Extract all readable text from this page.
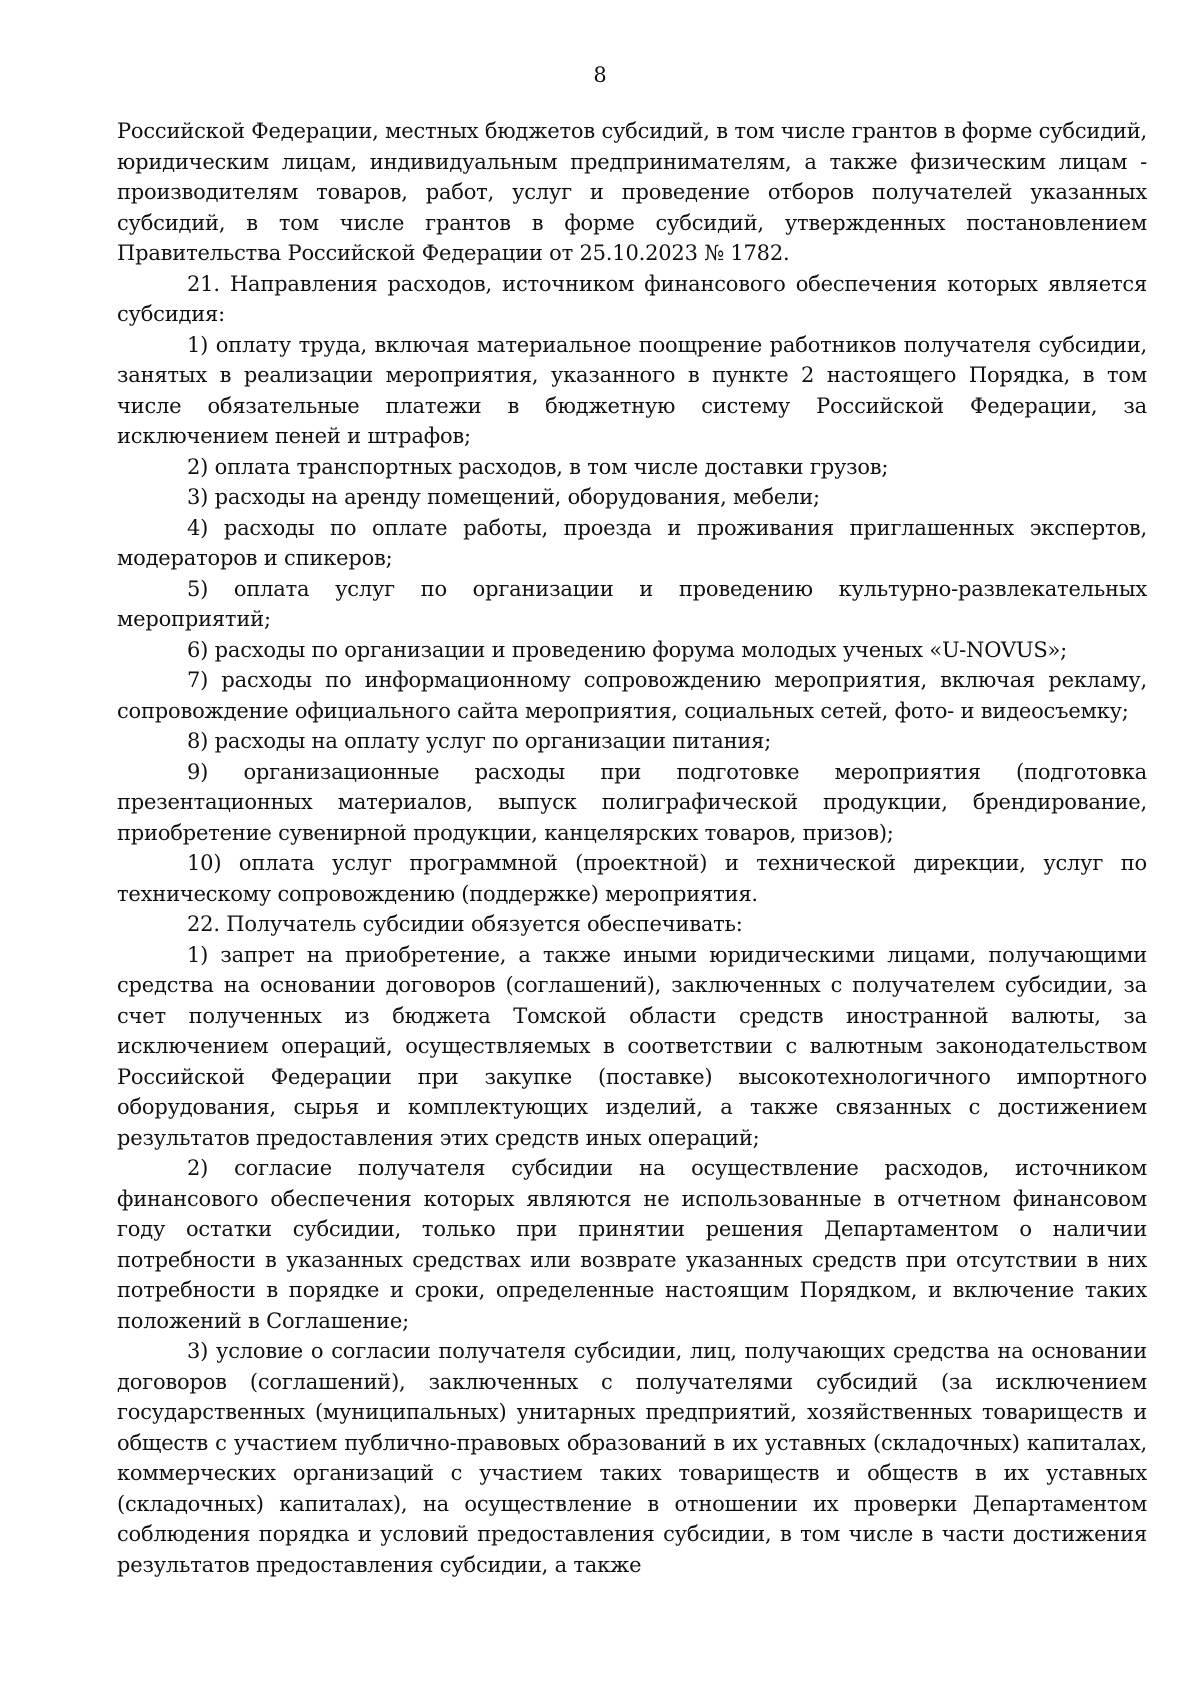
8

Российской Федерации, местных бюджетов субсидий, в том числе грантов в форме субсидий, юридическим лицам, индивидуальным предпринимателям, а также физическим лицам - производителям товаров, работ, услуг и проведение отборов получателей указанных субсидий, в том числе грантов в форме субсидий, утвержденных постановлением Правительства Российской Федерации от 25.10.2023 № 1782.

21. Направления расходов, источником финансового обеспечения которых является субсидия:

1) оплату труда, включая материальное поощрение работников получателя субсидии, занятых в реализации мероприятия, указанного в пункте 2 настоящего Порядка, в том числе обязательные платежи в бюджетную систему Российской Федерации, за исключением пеней и штрафов;

2) оплата транспортных расходов, в том числе доставки грузов;

3) расходы на аренду помещений, оборудования, мебели;

4) расходы по оплате работы, проезда и проживания приглашенных экспертов, модераторов и спикеров;

5) оплата услуг по организации и проведению культурно-развлекательных мероприятий;

6) расходы по организации и проведению форума молодых ученых «U-NOVUS»;

7) расходы по информационному сопровождению мероприятия, включая рекламу, сопровождение официального сайта мероприятия, социальных сетей, фото- и видеосъемку;

8) расходы на оплату услуг по организации питания;

9) организационные расходы при подготовке мероприятия (подготовка презентационных материалов, выпуск полиграфической продукции, брендирование, приобретение сувенирной продукции, канцелярских товаров, призов);

10) оплата услуг программной (проектной) и технической дирекции, услуг по техническому сопровождению (поддержке) мероприятия.

22. Получатель субсидии обязуется обеспечивать:

1) запрет на приобретение, а также иными юридическими лицами, получающими средства на основании договоров (соглашений), заключенных с получателем субсидии, за счет полученных из бюджета Томской области средств иностранной валюты, за исключением операций, осуществляемых в соответствии с валютным законодательством Российской Федерации при закупке (поставке) высокотехнологичного импортного оборудования, сырья и комплектующих изделий, а также связанных с достижением результатов предоставления этих средств иных операций;

2) согласие получателя субсидии на осуществление расходов, источником финансового обеспечения которых являются не использованные в отчетном финансовом году остатки субсидии, только при принятии решения Департаментом о наличии потребности в указанных средствах или возврате указанных средств при отсутствии в них потребности в порядке и сроки, определенные настоящим Порядком, и включение таких положений в Соглашение;

3) условие о согласии получателя субсидии, лиц, получающих средства на основании договоров (соглашений), заключенных с получателями субсидий (за исключением государственных (муниципальных) унитарных предприятий, хозяйственных товариществ и обществ с участием публично-правовых образований в их уставных (складочных) капиталах, коммерческих организаций с участием таких товариществ и обществ в их уставных (складочных) капиталах), на осуществление в отношении их проверки Департаментом соблюдения порядка и условий предоставления субсидии, в том числе в части достижения результатов предоставления субсидии, а также
